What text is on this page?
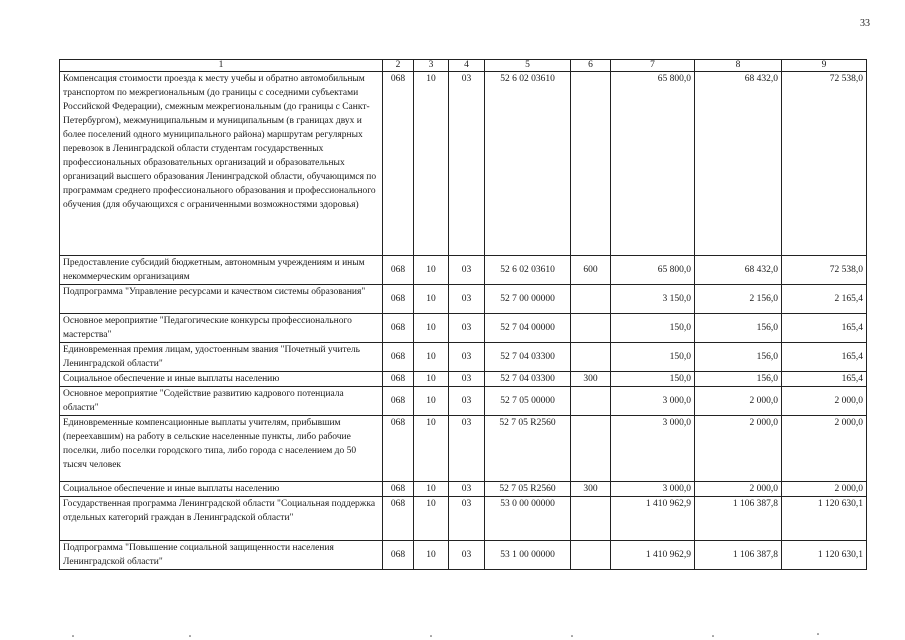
33
1	2	3	4	5	6	7	8	9
Компенсация стоимости проезда к месту учебы и обратно автомобильным транспортом по межрегиональным (до границы с соседними субъектами Российской Федерации), смежным межрегиональным (до границы с Санкт-Петербургом), межмуниципальным и муниципальным (в границах двух и более поселений одного муниципального района) маршрутам регулярных перевозок в Ленинградской области студентам государственных профессиональных образовательных организаций и образовательных организаций высшего образования Ленинградской области, обучающимся по программам среднего профессионального образования и профессионального обучения (для обучающихся с ограниченными возможностями здоровья)	068	10	03	52 6 02 03610		65 800,0	68 432,0	72 538,0
Предоставление субсидий бюджетным, автономным учреждениям и иным некоммерческим организациям	068	10	03	52 6 02 03610	600	65 800,0	68 432,0	72 538,0
Подпрограмма "Управление ресурсами и качеством системы образования"	068	10	03	52 7 00 00000		3 150,0	2 156,0	2 165,4
Основное мероприятие "Педагогические конкурсы профессионального мастерства"	068	10	03	52 7 04 00000		150,0	156,0	165,4
Единовременная премия лицам, удостоенным звания "Почетный учитель Ленинградской области"	068	10	03	52 7 04 03300		150,0	156,0	165,4
Социальное обеспечение и иные выплаты населению	068	10	03	52 7 04 03300	300	150,0	156,0	165,4
Основное мероприятие "Содействие развитию кадрового потенциала области"	068	10	03	52 7 05 00000		3 000,0	2 000,0	2 000,0
Единовременные компенсационные выплаты учителям, прибывшим (переехавшим) на работу в сельские населенные пункты, либо рабочие поселки, либо поселки городского типа, либо города с населением до 50 тысяч человек	068	10	03	52 7 05 R2560		3 000,0	2 000,0	2 000,0
Социальное обеспечение и иные выплаты населению	068	10	03	52 7 05 R2560	300	3 000,0	2 000,0	2 000,0
Государственная программа Ленинградской области "Социальная поддержка отдельных категорий граждан в Ленинградской области"	068	10	03	53 0 00 00000		1 410 962,9	1 106 387,8	1 120 630,1
Подпрограмма "Повышение социальной защищенности населения Ленинградской области"	068	10	03	53 1 00 00000		1 410 962,9	1 106 387,8	1 120 630,1
